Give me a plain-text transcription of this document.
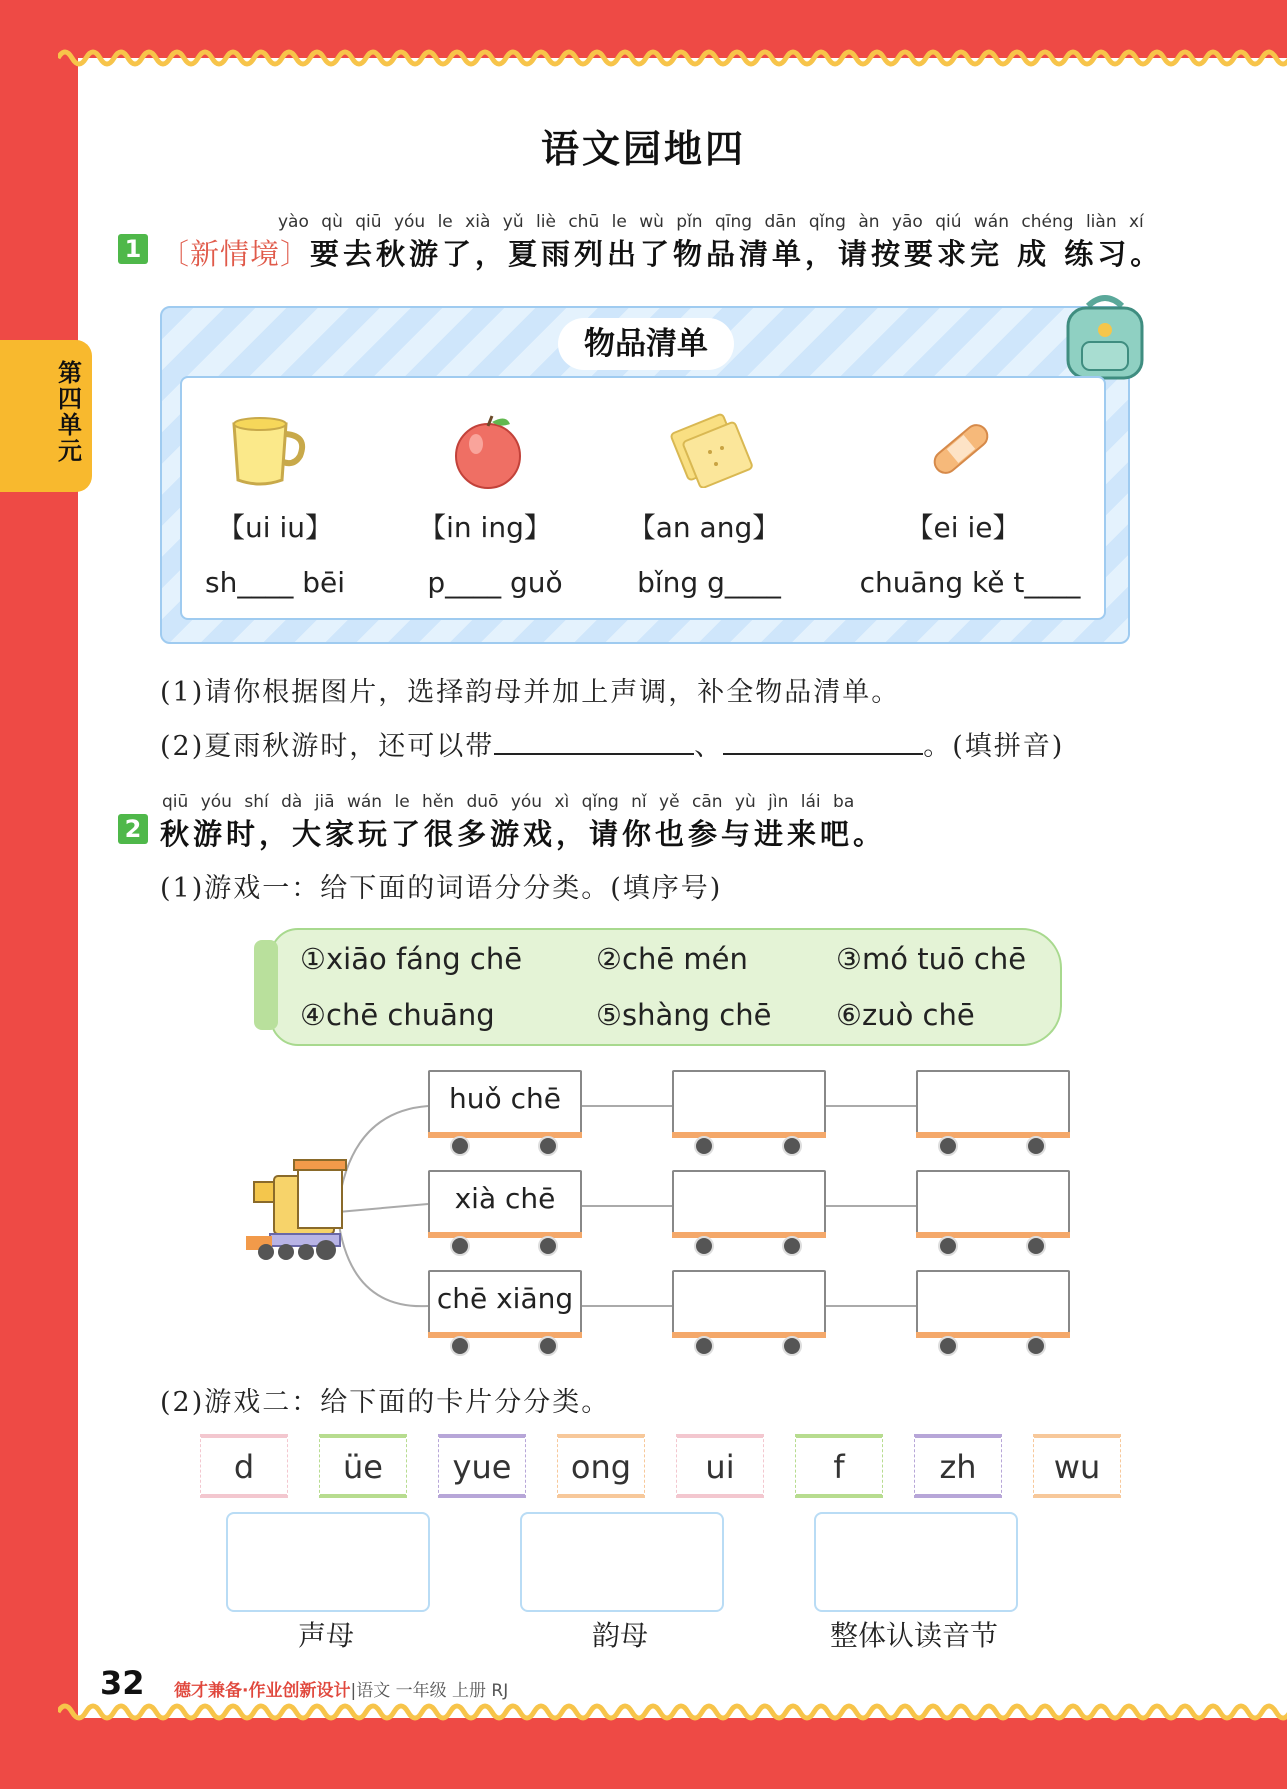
第四单元
语文园地四
yào qù qiū yóu le xià yǔ liè chū le wù pǐn qīng dān qǐng àn yāo qiú wán chéng liàn xí
1 〔新情境〕要去秋游了，夏雨列出了物品清单，请按要求完 成 练习。
物品清单
【ui iu】	【in ing】	【an ang】	【ei ie】
sh____ bēi	p____ guǒ	bǐng g____	chuāng kě t____
(1)请你根据图片，选择韵母并加上声调，补全物品清单。
(2)夏雨秋游时，还可以带	、	。(填拼音)
qiū yóu shí dà jiā wán le hěn duō yóu xì qǐng nǐ yě cān yù jìn lái ba
2 秋游时，大家玩了很多游戏，请你也参与进来吧。
(1)游戏一：给下面的词语分分类。(填序号)
①xiāo fáng chē	②chē mén	③mó tuō chē
④chē chuāng	⑤shàng chē ⑥zuò chē
huǒ chē
xià chē
chē xiāng
(2)游戏二：给下面的卡片分分类。
d	üe	yue	ong	ui	f	zh	wu
声母	韵母	整体认读音节
32 德才兼备·作业创新设计|语文 一年级 上册 RJ
